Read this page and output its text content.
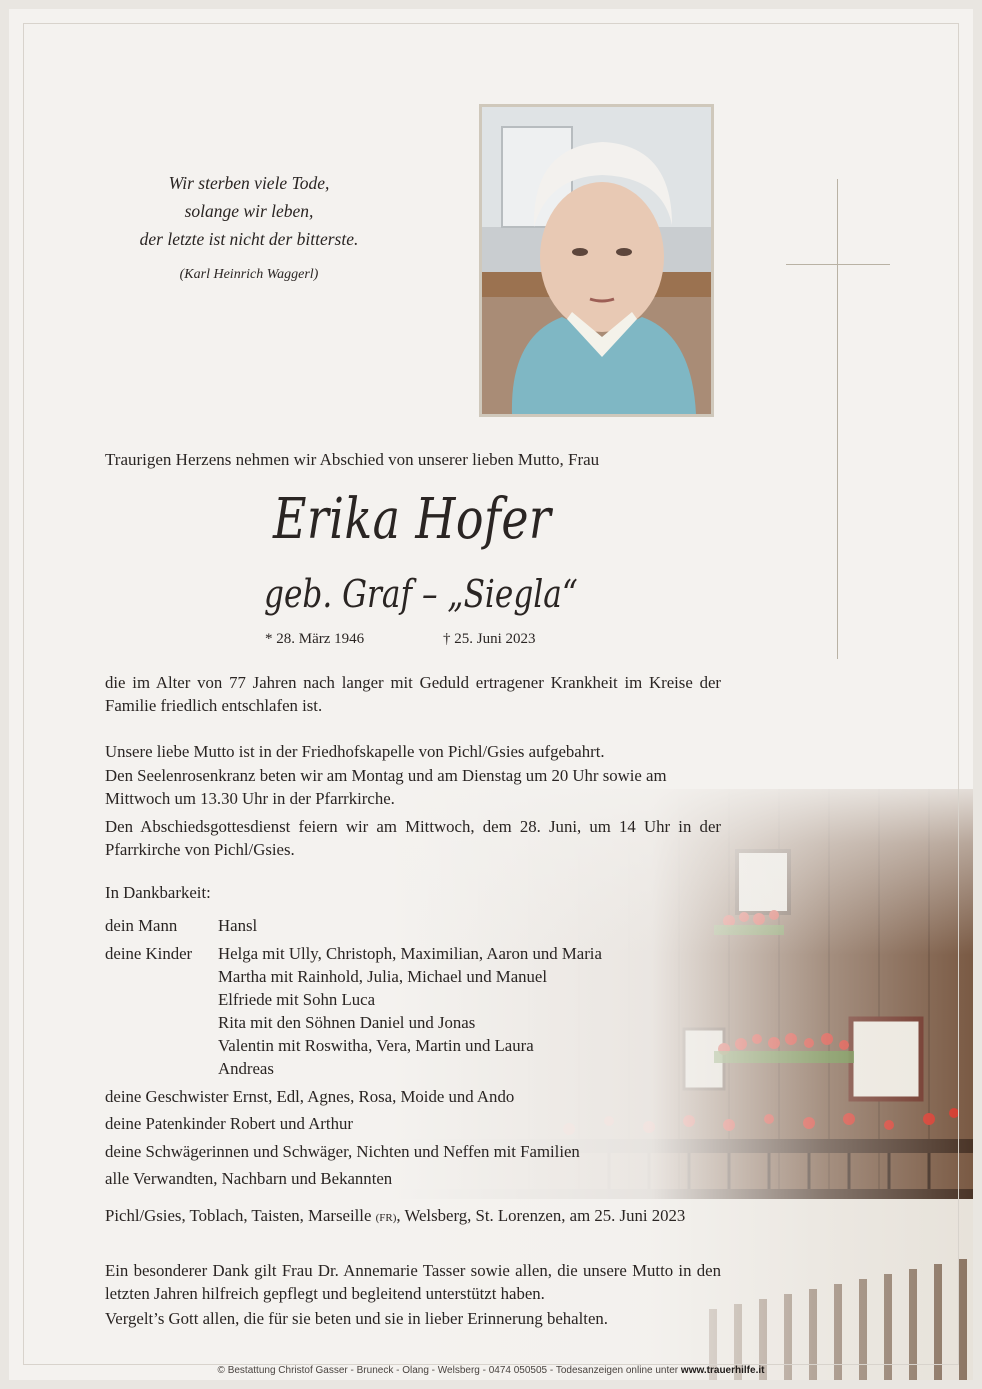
Wir sterben viele Tode,
solange wir leben,
der letzte ist nicht der bitterste.
(Karl Heinrich Waggerl)
Traurigen Herzens nehmen wir Abschied von unserer lieben Mutto, Frau
Erika Hofer
geb. Graf – „Siegla“
* 28. März 1946	† 25. Juni 2023
die im Alter von 77 Jahren nach langer mit Geduld ertragener Krankheit im Kreise der Familie friedlich entschlafen ist.
Unsere liebe Mutto ist in der Friedhofskapelle von Pichl/Gsies aufgebahrt.
Den Seelenrosenkranz beten wir am Montag und am Dienstag um 20 Uhr sowie am Mittwoch um 13.30 Uhr in der Pfarrkirche.
Den Abschiedsgottesdienst feiern wir am Mittwoch, dem 28. Juni, um 14 Uhr in der Pfarrkirche von Pichl/Gsies.
In Dankbarkeit:
dein Mann Hansl
deine Kinder Helga mit Ully, Christoph, Maximilian, Aaron und Maria
Martha mit Rainhold, Julia, Michael und Manuel
Elfriede mit Sohn Luca
Rita mit den Söhnen Daniel und Jonas
Valentin mit Roswitha, Vera, Martin und Laura
Andreas
deine Geschwister Ernst, Edl, Agnes, Rosa, Moide und Ando
deine Patenkinder Robert und Arthur
deine Schwägerinnen und Schwäger, Nichten und Neffen mit Familien
alle Verwandten, Nachbarn und Bekannten
Pichl/Gsies, Toblach, Taisten, Marseille (FR), Welsberg, St. Lorenzen, am 25. Juni 2023
Ein besonderer Dank gilt Frau Dr. Annemarie Tasser sowie allen, die unsere Mutto in den letzten Jahren hilfreich gepflegt und begleitend unterstützt haben.
Vergelt’s Gott allen, die für sie beten und sie in lieber Erinnerung behalten.
© Bestattung Christof Gasser - Bruneck - Olang - Welsberg - 0474 050505 - Todesanzeigen online unter www.trauerhilfe.it
